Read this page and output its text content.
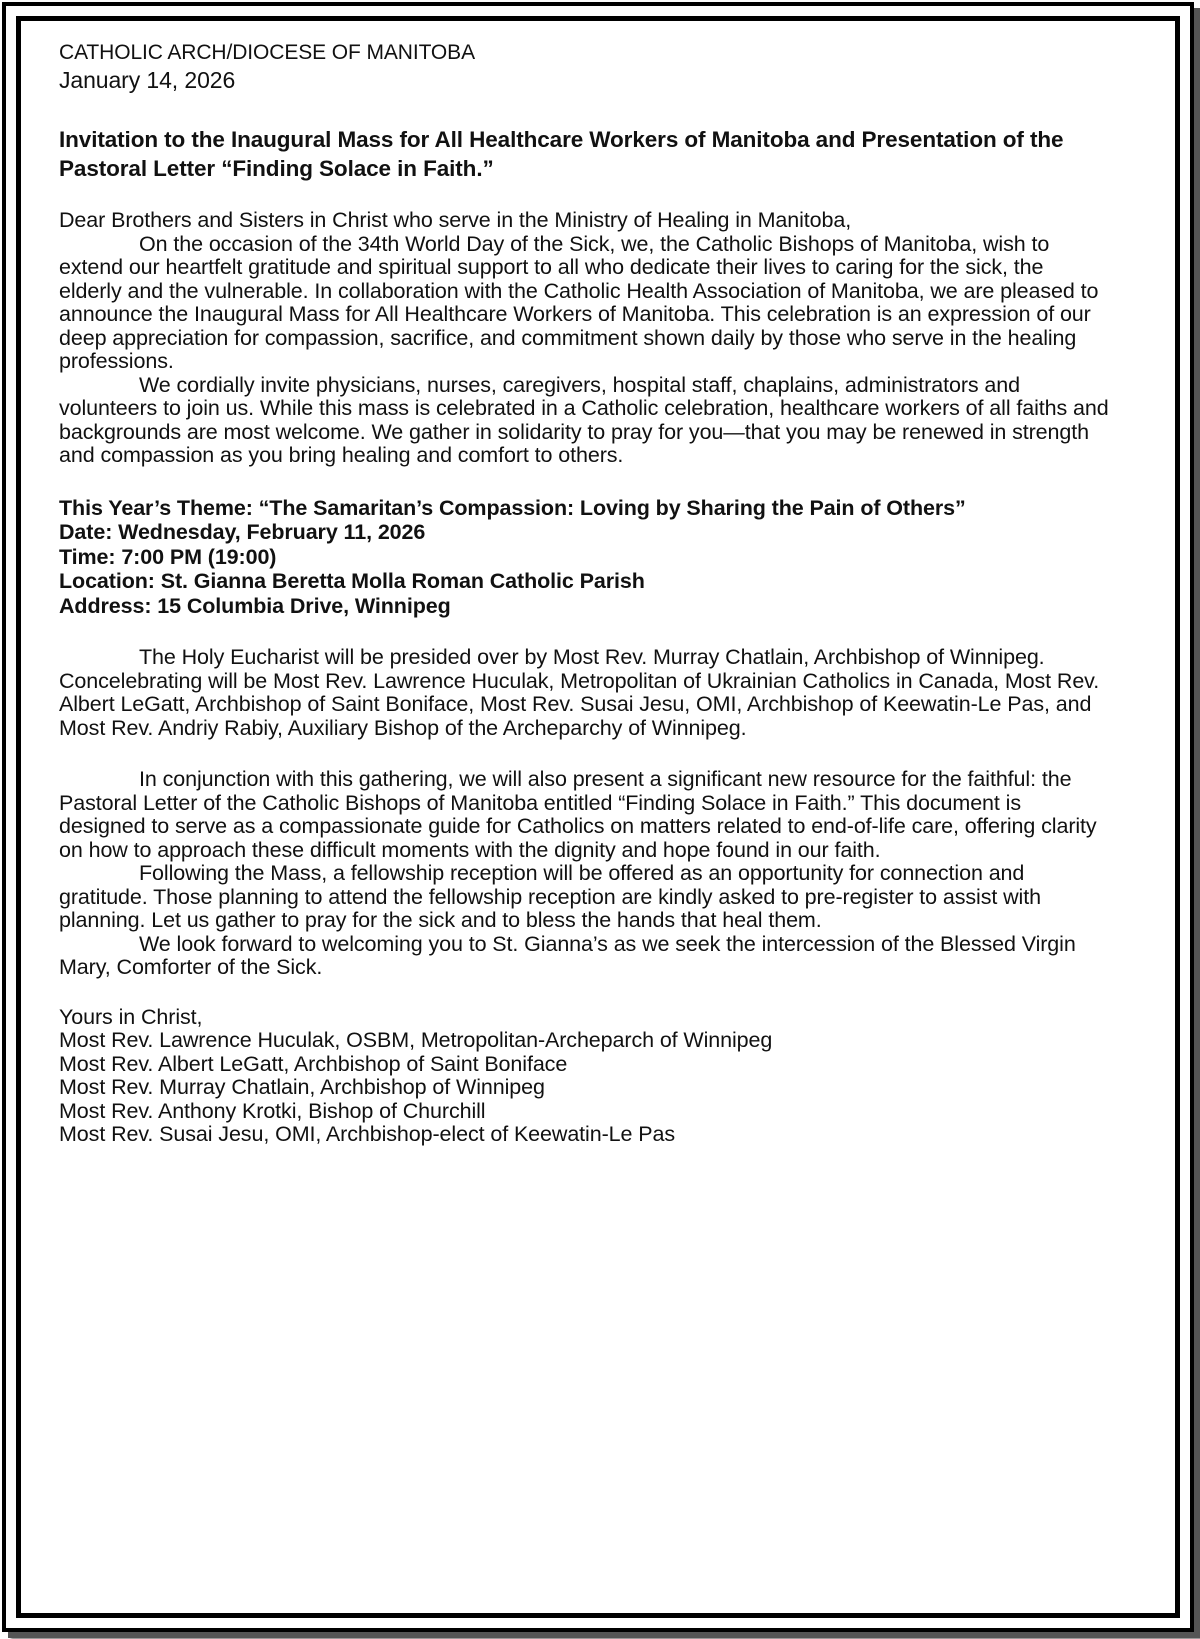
CATHOLIC ARCH/DIOCESE OF MANITOBA

January 14, 2026

Invitation to the Inaugural Mass for All Healthcare Workers of Manitoba and Presentation of the Pastoral Letter “Finding Solace in Faith.”

Dear Brothers and Sisters in Christ who serve in the Ministry of Healing in Manitoba,

On the occasion of the 34th World Day of the Sick, we, the Catholic Bishops of Manitoba, wish to extend our heartfelt gratitude and spiritual support to all who dedicate their lives to caring for the sick, the elderly and the vulnerable. In collaboration with the Catholic Health Association of Manitoba, we are pleased to announce the Inaugural Mass for All Healthcare Workers of Manitoba. This celebration is an expression of our deep appreciation for compassion, sacrifice, and commitment shown daily by those who serve in the healing professions.

We cordially invite physicians, nurses, caregivers, hospital staff, chaplains, administrators and volunteers to join us. While this mass is celebrated in a Catholic celebration, healthcare workers of all faiths and backgrounds are most welcome. We gather in solidarity to pray for you—that you may be renewed in strength and compassion as you bring healing and comfort to others.

This Year’s Theme: “The Samaritan’s Compassion: Loving by Sharing the Pain of Others”
Date: Wednesday, February 11, 2026
Time: 7:00 PM (19:00)
Location: St. Gianna Beretta Molla Roman Catholic Parish
Address: 15 Columbia Drive, Winnipeg

The Holy Eucharist will be presided over by Most Rev. Murray Chatlain, Archbishop of Winnipeg. Concelebrating will be Most Rev. Lawrence Huculak, Metropolitan of Ukrainian Catholics in Canada, Most Rev. Albert LeGatt, Archbishop of Saint Boniface, Most Rev. Susai Jesu, OMI, Archbishop of Keewatin-Le Pas, and Most Rev. Andriy Rabiy, Auxiliary Bishop of the Archeparchy of Winnipeg.

In conjunction with this gathering, we will also present a significant new resource for the faithful: the Pastoral Letter of the Catholic Bishops of Manitoba entitled “Finding Solace in Faith.” This document is designed to serve as a compassionate guide for Catholics on matters related to end-of-life care, offering clarity on how to approach these difficult moments with the dignity and hope found in our faith.

Following the Mass, a fellowship reception will be offered as an opportunity for connection and gratitude. Those planning to attend the fellowship reception are kindly asked to pre-register to assist with planning. Let us gather to pray for the sick and to bless the hands that heal them.

We look forward to welcoming you to St. Gianna’s as we seek the intercession of the Blessed Virgin Mary, Comforter of the Sick.

Yours in Christ,

Most Rev. Lawrence Huculak, OSBM, Metropolitan-Archeparch of Winnipeg
Most Rev. Albert LeGatt, Archbishop of Saint Boniface
Most Rev. Murray Chatlain, Archbishop of Winnipeg
Most Rev. Anthony Krotki, Bishop of Churchill
Most Rev. Susai Jesu, OMI, Archbishop-elect of Keewatin-Le Pas
